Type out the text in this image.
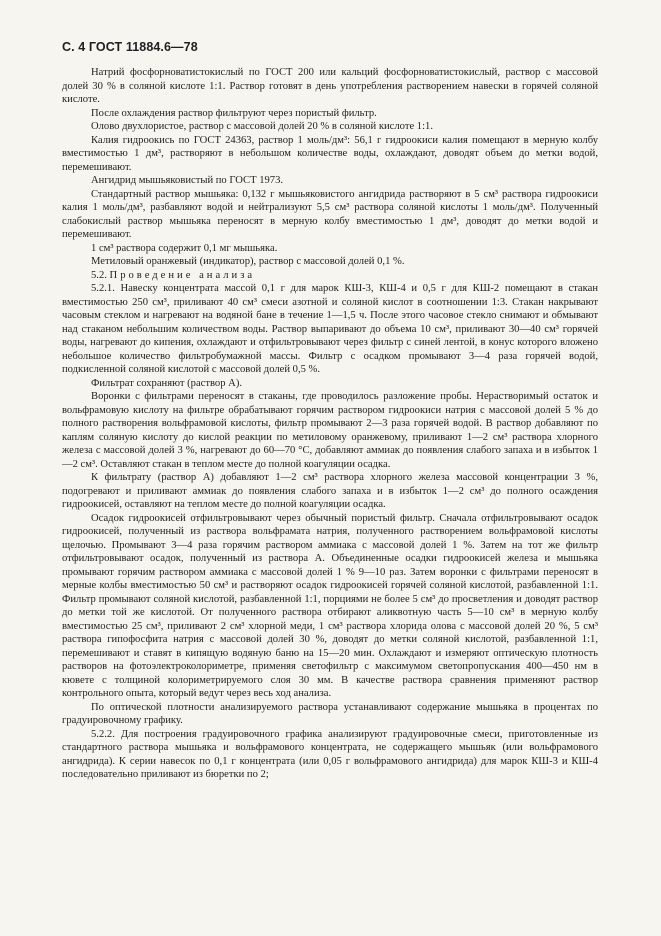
С. 4 ГОСТ 11884.6—78

Натрий фосфорноватистокислый по ГОСТ 200 или кальций фосфорноватистокислый, раствор с массовой долей 30 % в соляной кислоте 1:1. Раствор готовят в день употребления растворением навески в горячей соляной кислоте.

После охлаждения раствор фильтруют через пористый фильтр.

Олово двухлористое, раствор с массовой долей 20 % в соляной кислоте 1:1.

Калия гидроокись по ГОСТ 24363, раствор 1 моль/дм³: 56,1 г гидроокиси калия помещают в мерную колбу вместимостью 1 дм³, растворяют в небольшом количестве воды, охлаждают, доводят объем до метки водой, перемешивают.

Ангидрид мышьяковистый по ГОСТ 1973.

Стандартный раствор мышьяка: 0,132 г мышьяковистого ангидрида растворяют в 5 см³ раствора гидроокиси калия 1 моль/дм³, разбавляют водой и нейтрализуют 5,5 см³ раствора соляной кислоты 1 моль/дм³. Полученный слабокислый раствор мышьяка переносят в мерную колбу вместимостью 1 дм³, доводят до метки водой и перемешивают.

1 см³ раствора содержит 0,1 мг мышьяка.

Метиловый оранжевый (индикатор), раствор с массовой долей 0,1 %.

5.2. Проведение анализа

5.2.1. Навеску концентрата массой 0,1 г для марок КШ-3, КШ-4 и 0,5 г для КШ-2 помещают в стакан вместимостью 250 см³, приливают 40 см³ смеси азотной и соляной кислот в соотношении 1:3. Стакан накрывают часовым стеклом и нагревают на водяной бане в течение 1—1,5 ч. После этого часовое стекло снимают и обмывают над стаканом небольшим количеством воды. Раствор выпаривают до объема 10 см³, приливают 30—40 см³ горячей воды, нагревают до кипения, охлаждают и отфильтровывают через фильтр с синей лентой, в конус которого вложено небольшое количество фильтробумажной массы. Фильтр с осадком промывают 3—4 раза горячей водой, подкисленной соляной кислотой с массовой долей 0,5 %.

Фильтрат сохраняют (раствор А).

Воронки с фильтрами переносят в стаканы, где проводилось разложение пробы. Нерастворимый остаток и вольфрамовую кислоту на фильтре обрабатывают горячим раствором гидроокиси натрия с массовой долей 5 % до полного растворения вольфрамовой кислоты, фильтр промывают 2—3 раза горячей водой. В раствор добавляют по каплям соляную кислоту до кислой реакции по метиловому оранжевому, приливают 1—2 см³ раствора хлорного железа с массовой долей 3 %, нагревают до 60—70 °С, добавляют аммиак до появления слабого запаха и в избыток 1—2 см³. Оставляют стакан в теплом месте до полной коагуляции осадка.

К фильтрату (раствор А) добавляют 1—2 см³ раствора хлорного железа массовой концентрации 3 %, подогревают и приливают аммиак до появления слабого запаха и в избыток 1—2 см³ до полного осаждения гидроокисей, оставляют на теплом месте до полной коагуляции осадка.

Осадок гидроокисей отфильтровывают через обычный пористый фильтр. Сначала отфильтровывают осадок гидроокисей, полученный из раствора вольфрамата натрия, полученного растворением вольфрамовой кислоты щелочью. Промывают 3—4 раза горячим раствором аммиака с массовой долей 1 %. Затем на тот же фильтр отфильтровывают осадок, полученный из раствора А. Объединенные осадки гидроокисей железа и мышьяка промывают горячим раствором аммиака с массовой долей 1 % 9—10 раз. Затем воронки с фильтрами переносят в мерные колбы вместимостью 50 см³ и растворяют осадок гидроокисей горячей соляной кислотой, разбавленной 1:1. Фильтр промывают соляной кислотой, разбавленной 1:1, порциями не более 5 см³ до просветления и доводят раствор до метки той же кислотой. От полученного раствора отбирают аликвотную часть 5—10 см³ в мерную колбу вместимостью 25 см³, приливают 2 см³ хлорной меди, 1 см³ раствора хлорида олова с массовой долей 20 %, 5 см³ раствора гипофосфита натрия с массовой долей 30 %, доводят до метки соляной кислотой, разбавленной 1:1, перемешивают и ставят в кипящую водяную баню на 15—20 мин. Охлаждают и измеряют оптическую плотность растворов на фотоэлектроколориметре, применяя светофильтр с максимумом светопропускания 400—450 нм в кювете с толщиной колориметрируемого слоя 30 мм. В качестве раствора сравнения применяют раствор контрольного опыта, который ведут через весь ход анализа.

По оптической плотности анализируемого раствора устанавливают содержание мышьяка в процентах по градуировочному графику.

5.2.2. Для построения градуировочного графика анализируют градуировочные смеси, приготовленные из стандартного раствора мышьяка и вольфрамового концентрата, не содержащего мышьяк (или вольфрамового ангидрида). К серии навесок по 0,1 г концентрата (или 0,05 г вольфрамового ангидрида) для марок КШ-3 и КШ-4 последовательно приливают из бюретки по 2;
